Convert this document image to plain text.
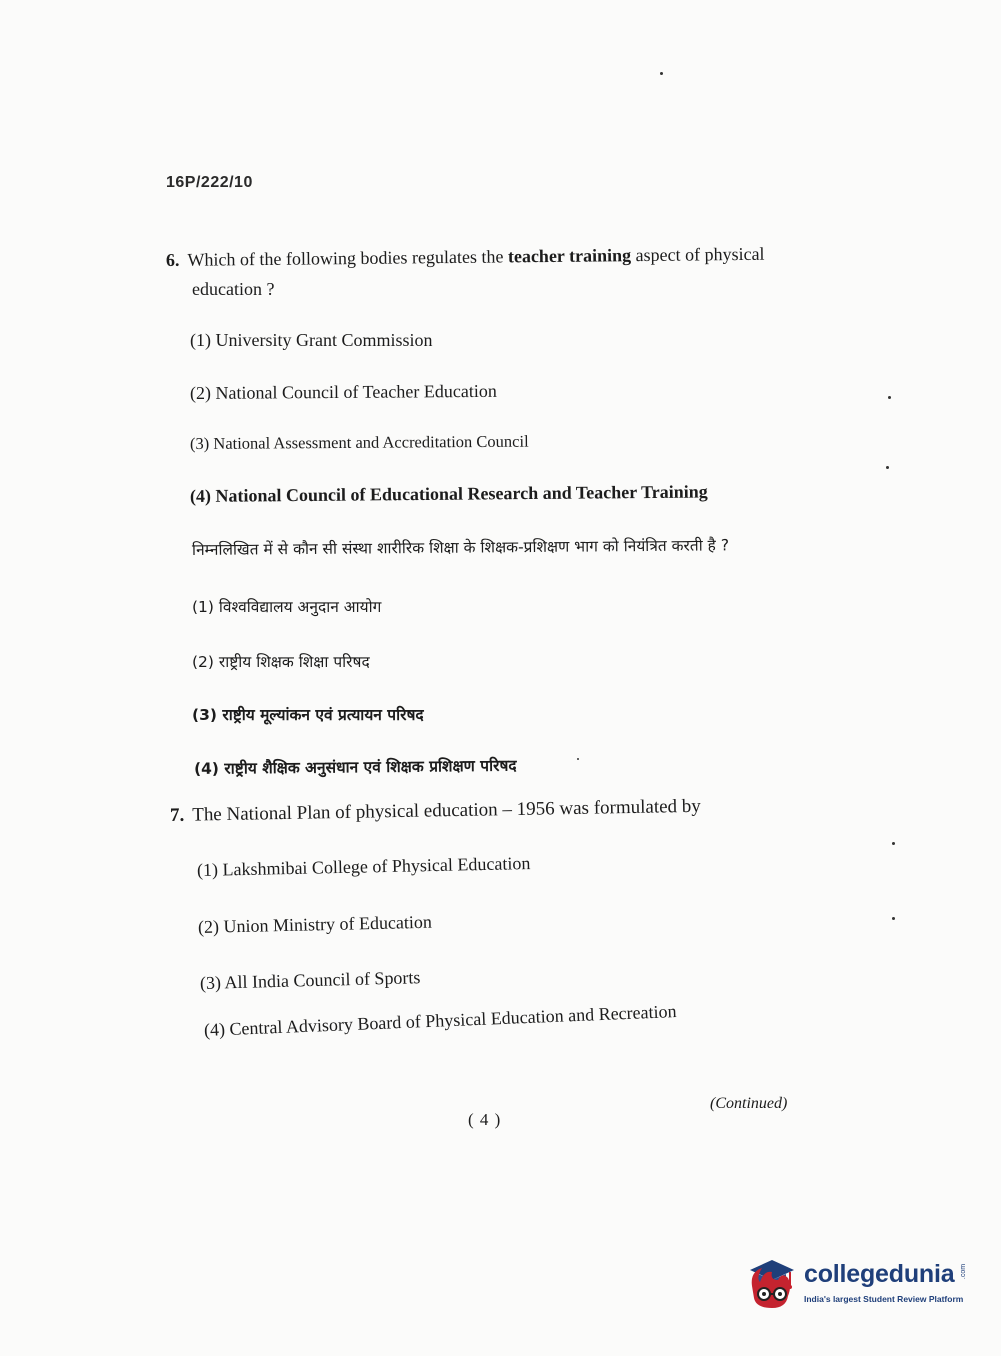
16P/222/10
6. Which of the following bodies regulates the teacher training aspect of physical
education ?
(1) University Grant Commission
(2) National Council of Teacher Education
(3) National Assessment and Accreditation Council
(4) National Council of Educational Research and Teacher Training
निम्नलिखित में से कौन सी संस्था शारीरिक शिक्षा के शिक्षक-प्रशिक्षण भाग को नियंत्रित करती है ?
(1) विश्वविद्यालय अनुदान आयोग
(2) राष्ट्रीय शिक्षक शिक्षा परिषद
(3) राष्ट्रीय मूल्यांकन एवं प्रत्यायन परिषद
(4) राष्ट्रीय शैक्षिक अनुसंधान एवं शिक्षक प्रशिक्षण परिषद
7. The National Plan of physical education – 1956 was formulated by
(1) Lakshmibai College of Physical Education
(2) Union Ministry of Education
(3) All India Council of Sports
(4) Central Advisory Board of Physical Education and Recreation
(Continued)
( 4 )
collegedunia .com
India's largest Student Review Platform
